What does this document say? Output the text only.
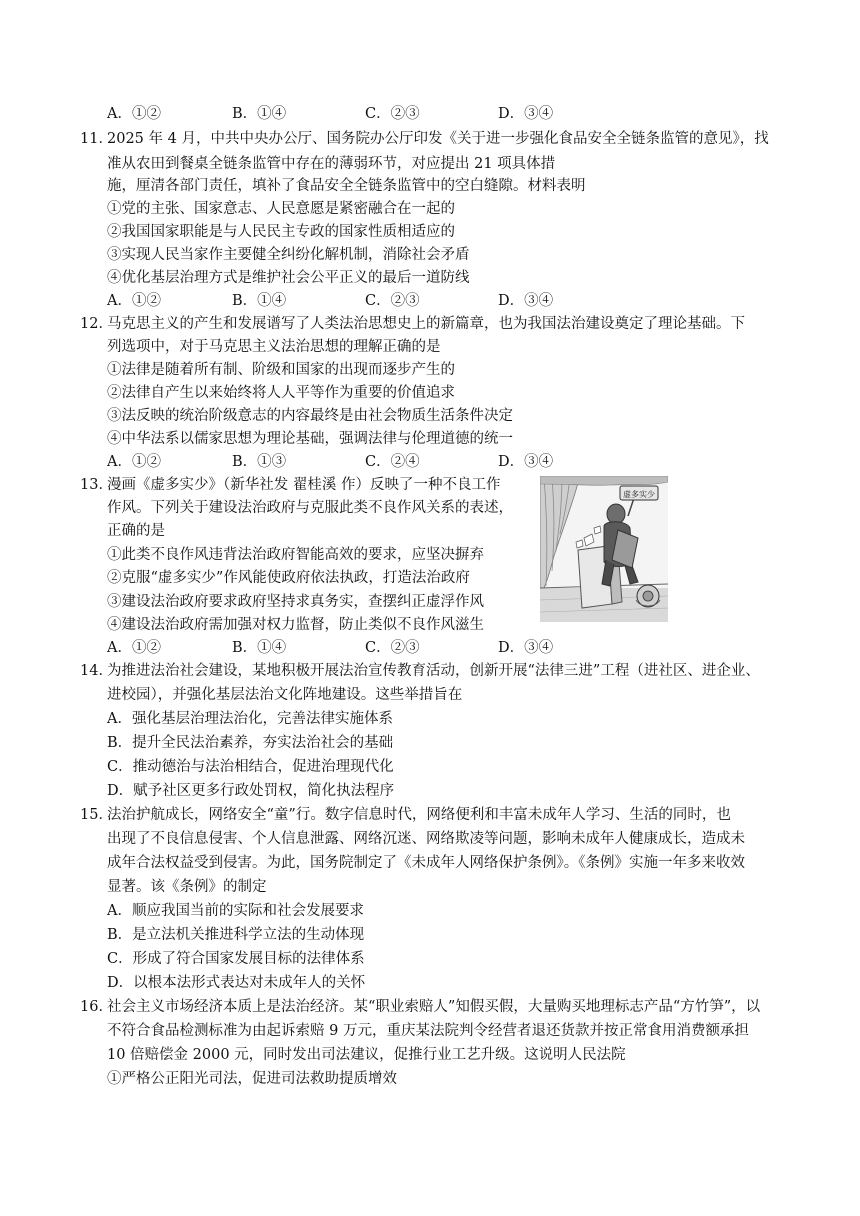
A．①②	B．①④	C．②③	D．③④
11．
2025 年 4 月，中共中央办公厅、国务院办公厅印发《关于进一步强化食品安全全链条监管的意见》，找
准从农田到餐桌全链条监管中存在的薄弱环节，对应提出 21 项具体措
施，厘清各部门责任，填补了食品安全全链条监管中的空白缝隙。材料表明
①党的主张、国家意志、人民意愿是紧密融合在一起的
②我国国家职能是与人民民主专政的国家性质相适应的
③实现人民当家作主要健全纠纷化解机制，消除社会矛盾
④优化基层治理方式是维护社会公平正义的最后一道防线
A．①②	B．①④	C．②③	D．③④
12．
马克思主义的产生和发展谱写了人类法治思想史上的新篇章，也为我国法治建设奠定了理论基础。下
列选项中，对于马克思主义法治思想的理解正确的是
①法律是随着所有制、阶级和国家的出现而逐步产生的
②法律自产生以来始终将人人平等作为重要的价值追求
③法反映的统治阶级意志的内容最终是由社会物质生活条件决定
④中华法系以儒家思想为理论基础，强调法律与伦理道德的统一
A．①②	B．①③	C．②④	D．③④
13．
漫画《虚多实少》（新华社发 翟桂溪 作）反映了一种不良工作
作风。下列关于建设法治政府与克服此类不良作风关系的表述，
正确的是
①此类不良作风违背法治政府智能高效的要求，应坚决摒弃
②克服“虚多实少”作风能使政府依法执政，打造法治政府
③建设法治政府要求政府坚持求真务实，查摆纠正虚浮作风
④建设法治政府需加强对权力监督，防止类似不良作风滋生
A．①②	B．①④	C．②③	D．③④
虚多实少
14．
为推进法治社会建设，某地积极开展法治宣传教育活动，创新开展“法律三进”工程（进社区、进企业、
进校园），并强化基层法治文化阵地建设。这些举措旨在
A．强化基层治理法治化，完善法律实施体系
B．提升全民法治素养，夯实法治社会的基础
C．推动德治与法治相结合，促进治理现代化
D．赋予社区更多行政处罚权，简化执法程序
15．
法治护航成长，网络安全“童”行。数字信息时代，网络便利和丰富未成年人学习、生活的同时，也
出现了不良信息侵害、个人信息泄露、网络沉迷、网络欺凌等问题，影响未成年人健康成长，造成未
成年合法权益受到侵害。为此，国务院制定了《未成年人网络保护条例》。《条例》实施一年多来收效
显著。该《条例》的制定
A．顺应我国当前的实际和社会发展要求
B．是立法机关推进科学立法的生动体现
C．形成了符合国家发展目标的法律体系
D．以根本法形式表达对未成年人的关怀
16．
社会主义市场经济本质上是法治经济。某“职业索赔人”知假买假，大量购买地理标志产品“方竹笋”，以
不符合食品检测标准为由起诉索赔 9 万元，重庆某法院判令经营者退还货款并按正常食用消费额承担
10 倍赔偿金 2000 元，同时发出司法建议，促推行业工艺升级。这说明人民法院
①严格公正阳光司法，促进司法救助提质增效
